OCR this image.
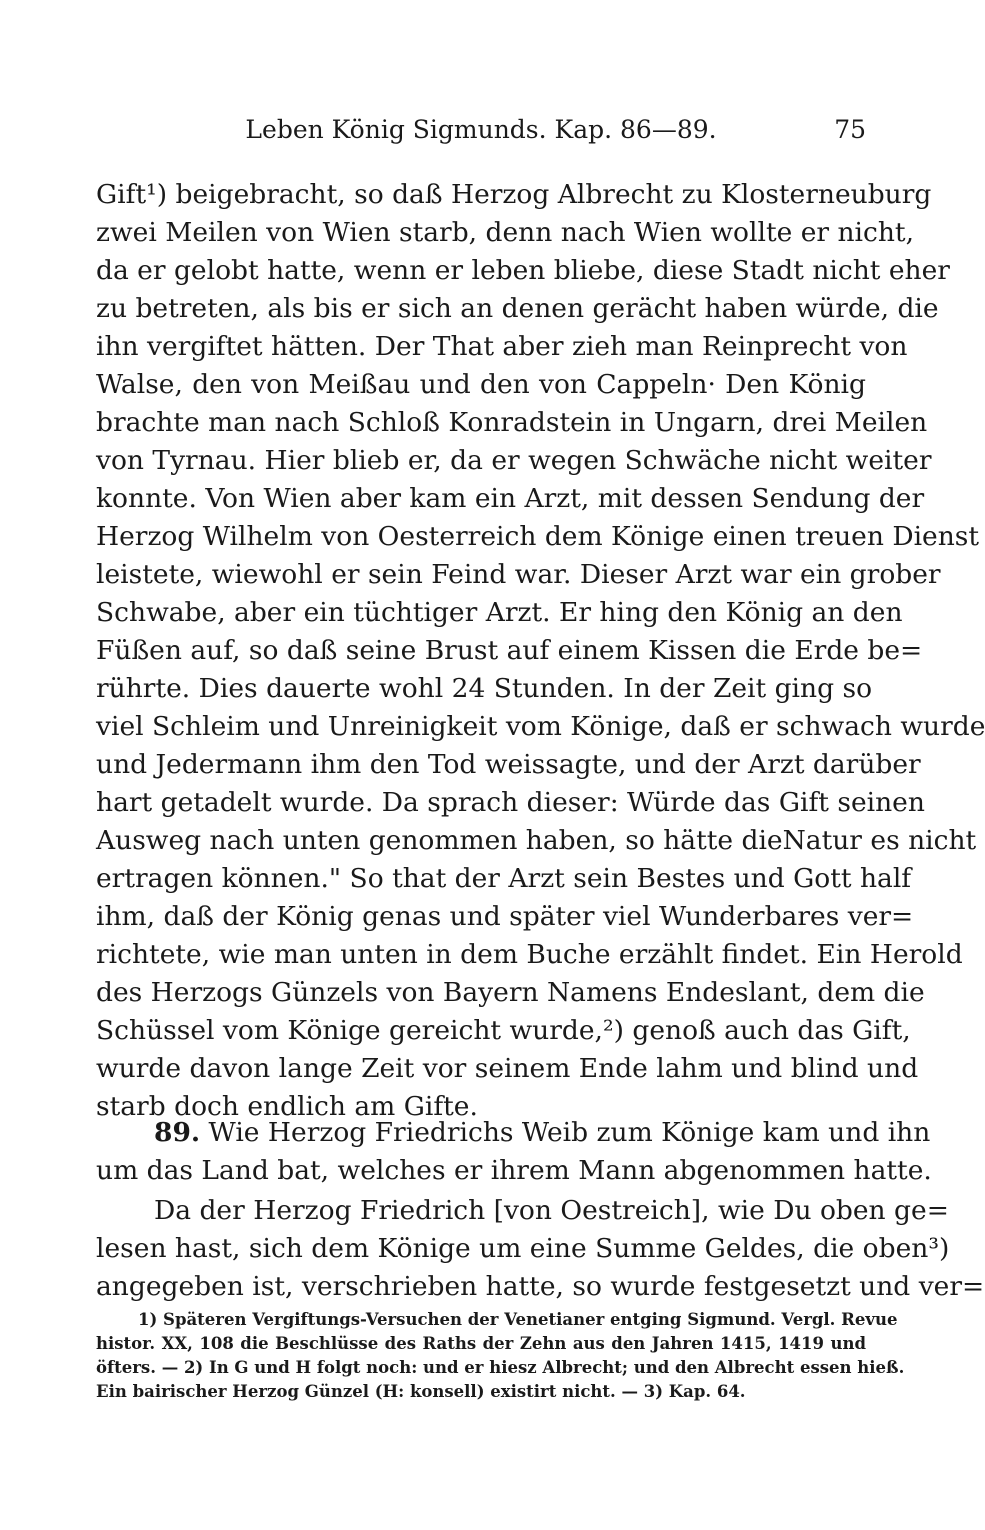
Leben König Sigmunds. Kap. 86—89.	75
Gift¹) beigebracht, so daß Herzog Albrecht zu Klosterneuburg
zwei Meilen von Wien starb, denn nach Wien wollte er nicht,
da er gelobt hatte, wenn er leben bliebe, diese Stadt nicht eher
zu betreten, als bis er sich an denen gerächt haben würde, die
ihn vergiftet hätten. Der That aber zieh man Reinprecht von
Walse, den von Meißau und den von Cappeln· Den König
brachte man nach Schloß Konradstein in Ungarn, drei Meilen
von Tyrnau. Hier blieb er, da er wegen Schwäche nicht weiter
konnte. Von Wien aber kam ein Arzt, mit dessen Sendung der
Herzog Wilhelm von Oesterreich dem Könige einen treuen Dienst
leistete, wiewohl er sein Feind war. Dieser Arzt war ein grober
Schwabe, aber ein tüchtiger Arzt. Er hing den König an den
Füßen auf, so daß seine Brust auf einem Kissen die Erde be=
rührte. Dies dauerte wohl 24 Stunden. In der Zeit ging so
viel Schleim und Unreinigkeit vom Könige, daß er schwach wurde
und Jedermann ihm den Tod weissagte, und der Arzt darüber
hart getadelt wurde. Da sprach dieser: Würde das Gift seinen
Ausweg nach unten genommen haben, so hätte dieNatur es nicht
ertragen können." So that der Arzt sein Bestes und Gott half
ihm, daß der König genas und später viel Wunderbares ver=
richtete, wie man unten in dem Buche erzählt findet. Ein Herold
des Herzogs Günzels von Bayern Namens Endeslant, dem die
Schüssel vom Könige gereicht wurde,²) genoß auch das Gift,
wurde davon lange Zeit vor seinem Ende lahm und blind und
starb doch endlich am Gifte.
89. Wie Herzog Friedrichs Weib zum Könige kam und ihn
um das Land bat, welches er ihrem Mann abgenommen hatte.
Da der Herzog Friedrich [von Oestreich], wie Du oben ge=
lesen hast, sich dem Könige um eine Summe Geldes, die oben³)
angegeben ist, verschrieben hatte, so wurde festgesetzt und ver=
1) Späteren Vergiftungs-Versuchen der Venetianer entging Sigmund. Vergl. Revue
histor. XX, 108 die Beschlüsse des Raths der Zehn aus den Jahren 1415, 1419 und
öfters. — 2) In G und H folgt noch: und er hiesz Albrecht; und den Albrecht essen hieß.
Ein bairischer Herzog Günzel (H: konsell) existirt nicht. — 3) Kap. 64.
